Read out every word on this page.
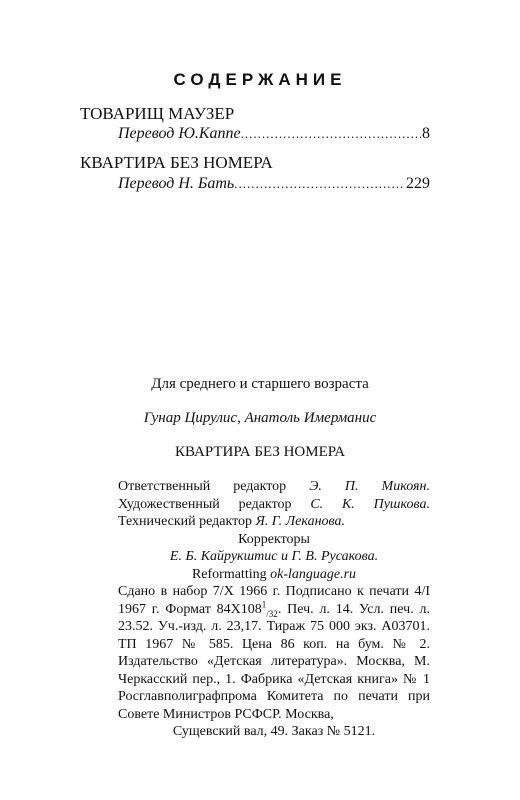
СОДЕРЖАНИЕ
ТОВАРИЩ МАУЗЕР
Перевод Ю.Каппе .....	8
КВАРТИРА БЕЗ НОМЕРА
Перевод Н. Бать .....	229
Для среднего и старшего возраста
Гунар Цирулис, Анатоль Имерманис
КВАРТИРА БЕЗ НОМЕРА
Ответственный редактор Э. П. Микоян. Художественный редактор С. К. Пушкова. Технический редактор Я. Г. Леканова.
Корректоры
Е. Б. Кайрукштис и Г. В. Русакова.
Reformatting ok-language.ru
Сдано в набор 7/X 1966 г. Подписано к печати 4/I 1967 г. Формат $84Х108^1_{/32}$. Печ. л. 14. Усл. печ. л. 23.52. Уч.-изд. л. 23,17. Тираж 75 000 экз. А03701. ТП 1967 № 585. Цена 86 коп. на бум. № 2. Издательство «Детская литература». Москва, М. Черкасский пер., 1. Фабрика «Детская книга» № 1 Росглавполиграфпрома Комитета по печати при Совете Министров РСФСР. Москва,
Сущевский вал, 49. Заказ № 5121.
